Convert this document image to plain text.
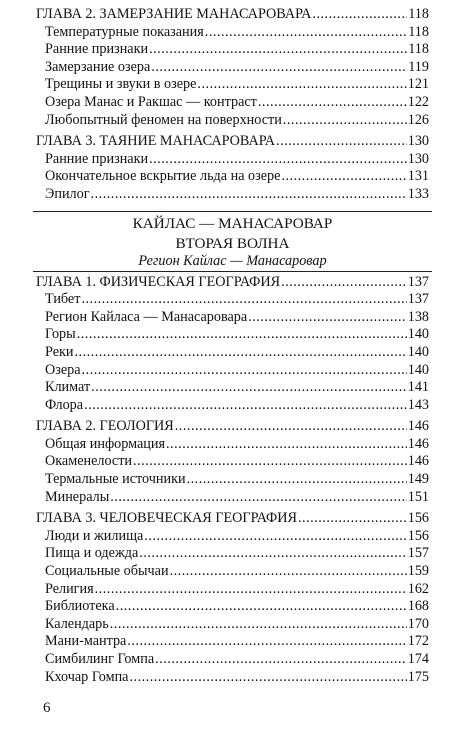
ГЛАВА 2. ЗАМЕРЗАНИЕ МАНАСАРОВАРА .....	118
Температурные показания .....	118
Ранние признаки .....	118
Замерзание озера .....	119
Трещины и звуки в озере .....	121
Озера Манас и Ракшас — контраст .....	122
Любопытный феномен на поверхности .....	126
ГЛАВА 3. ТАЯНИЕ МАНАСАРОВАРА .....	130
Ранние признаки .....	130
Окончательное вскрытие льда на озере .....	131
Эпилог .....	133
КАЙЛАС — МАНАСАРОВАР
ВТОРАЯ ВОЛНА
Регион Кайлас — Манасаровар
ГЛАВА 1. ФИЗИЧЕСКАЯ ГЕОГРАФИЯ .....	137
Тибет .....	137
Регион Кайласа — Манасаровара .....	138
Горы .....	140
Реки .....	140
Озера .....	140
Климат .....	141
Флора .....	143
ГЛАВА 2. ГЕОЛОГИЯ .....	146
Общая информация .....	146
Окаменелости .....	146
Термальные источники .....	149
Минералы .....	151
ГЛАВА 3. ЧЕЛОВЕЧЕСКАЯ ГЕОГРАФИЯ .....	156
Люди и жилища .....	156
Пища и одежда .....	157
Социальные обычаи .....	159
Религия .....	162
Библиотека .....	168
Календарь .....	170
Мани-мантра .....	172
Симбилинг Гомпа .....	174
Кхочар Гомпа .....	175
6
